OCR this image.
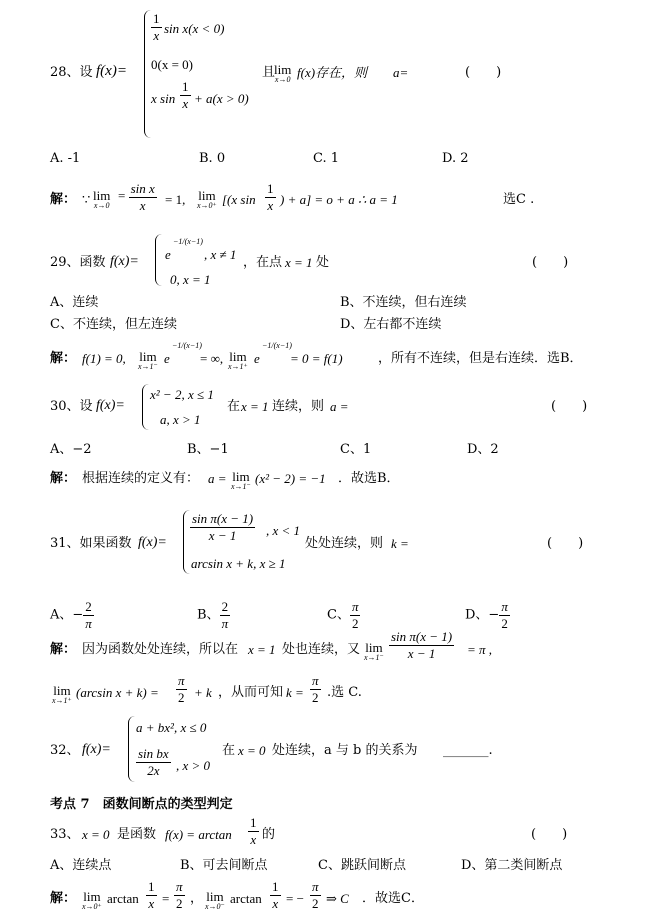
28、设 f(x)=
$\frac{1}{x}$ sin x(x < 0)
0(x = 0)
x $\sin \frac{1}{x} + a(x > 0)$
且
lim
x→0 f(x)存在，则 a=	(　　)
A. -1	B. 0	C. 1	D. 2
解： ∵ lim
x→0
= $\frac{\text{sin x}}{x} = 1$, lim
x→0⁺ [(x $\sin \frac{1}{x}$ ) + a] = o + a ∴ a = 1	选C .
29、函数 f(x)= e
−1/(x−1)
, x ≠ 1
0, x = 1
，在点 x = 1 处	(　　)
A、连续	B、不连续，但右连续
C、不连续，但左连续	D、左右都不连续
解： f(1) = 0, lim
x→1⁻
e
−1/(x−1)
= ∞, lim
x→1⁺
e
−1/(x−1)
= 0 = f(1)	，所有不连续，但是右连续．选B．
30、设 f(x)=
x² − 2, x ≤ 1
a, x > 1
在 x = 1 连续，则 a =	(　　)
A、−2	B、−1	C、1	D、2
解： 根据连续的定义有： a = lim
x→1⁻
(x² − 2) = −1 ．故选B．
31、如果函数 f(x)=
$\frac{\text{sin π(x − 1)}}{x - 1}$ , x < 1
arcsin x + k, x ≥ 1
处处连续，则 k =	(　　)
A、− $\frac{2}{\pi}$	B、 $\frac{2}{\pi}$	C、 $\frac{\pi}{2}$	D、− $\frac{\pi}{2}$
解： 因为函数处处连续，所以在 x = 1 处也连续，又 lim
$x\to 1^- \frac{\text{sin π(x − 1)}}{x - 1} = \pi$ ,
lim
x→1⁺
(arcsin $x + k) = \frac{\pi}{2} + k$ ，从而可知 $k = \frac{\pi}{2}$ .选 C.
32、 f(x)=
a + bx², x ≤ 0
$\frac{\text{sin bx}}{2x}$ , x > 0
在 x = 0 处连续，a 与 b 的关系为 _______.
考点 7　函数间断点的类型判定
33、 x = 0 是函数 $f(x) = \arctan \frac{1}{x}$ 的	(　　)
A、连续点	B、可去间断点	C、跳跃间断点	D、第二类间断点
解： lim
x→0⁺
$\arctan \frac{1}{x} = \frac{\pi}{2}$ ， lim
x→0⁻
$\arctan \frac{1}{x}$ = − $\frac{\pi}{2}$ ⇒ C ．故选C．
